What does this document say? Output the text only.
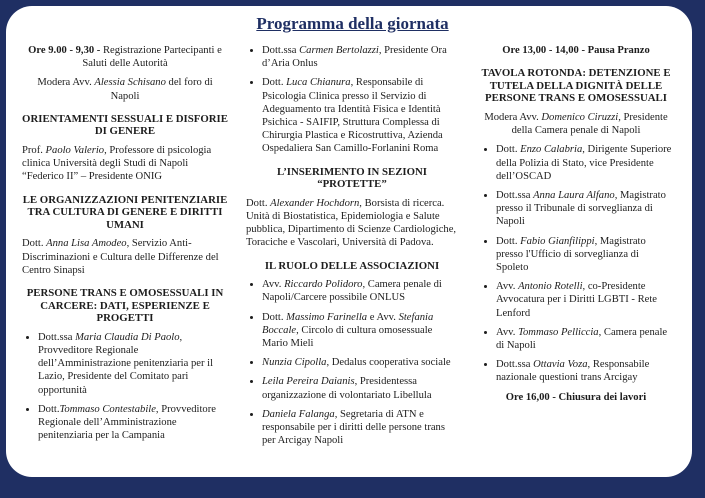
Programma della giornata

Ore 9.00 - 9,30 - Registrazione Partecipanti e Saluti delle Autorità

Modera Avv. Alessia Schisano del foro di Napoli

ORIENTAMENTI SESSUALI E DISFORIE DI GENERE

Prof. Paolo Valerio, Professore di psicologia clinica Università degli Studi di Napoli “Federico II” – Presidente ONIG

LE ORGANIZZAZIONI PENITENZIARIE TRA CULTURA DI GENERE E DIRITTI UMANI

Dott. Anna Lisa Amodeo, Servizio Anti-Discriminazioni e Cultura delle Differenze del Centro Sinapsi

PERSONE TRANS E OMOSESSUALI IN CARCERE: DATI, ESPERIENZE E PROGETTI
• Dott.ssa Maria Claudia Di Paolo, Provveditore Regionale dell’Amministrazione penitenziaria per il Lazio, Presidente del Comitato pari opportunità
• Dott.Tommaso Contestabile, Provveditore Regionale dell’Amministrazione penitenziaria per la Campania
• Dott.ssa Carmen Bertolazzi, Presidente Ora d’Aria Onlus
• Dott. Luca Chianura, Responsabile di Psicologia Clinica presso il Servizio di Adeguamento tra Identità Fisica e Identità Psichica - SAIFIP, Struttura Complessa di Chirurgia Plastica e Ricostruttiva, Azienda Ospedaliera San Camillo-Forlanini Roma
L’INSERIMENTO IN SEZIONI “PROTETTE”

Dott. Alexander Hochdorn, Borsista di ricerca. Unità di Biostatistica, Epidemiologia e Salute pubblica, Dipartimento di Scienze Cardiologiche, Toraciche e Vascolari, Università di Padova.

IL RUOLO DELLE ASSOCIAZIONI
• Avv. Riccardo Polidoro, Camera penale di Napoli/Carcere possibile ONLUS
• Dott. Massimo Farinella e Avv. Stefania Boccale, Circolo di cultura omosessuale Mario Mieli
• Nunzia Cipolla, Dedalus cooperativa sociale
• Leila Pereira Daianis, Presidentessa organizzazione di volontariato Libellula
• Daniela Falanga, Segretaria di ATN e responsabile per i diritti delle persone trans per Arcigay Napoli

Ore 13,00 - 14,00 - Pausa Pranzo

TAVOLA ROTONDA: DETENZIONE E TUTELA DELLA DIGNITÀ DELLE PERSONE TRANS E OMOSESSUALI

Modera Avv. Domenico Ciruzzi, Presidente della Camera penale di Napoli

• Dott. Enzo Calabria, Dirigente Superiore della Polizia di Stato, vice Presidente dell’OSCAD
• Dott.ssa Anna Laura Alfano, Magistrato presso il Tribunale di sorveglianza di Napoli
• Dott. Fabio Gianfilippi, Magistrato presso l'Ufficio di sorveglianza di Spoleto
• Avv. Antonio Rotelli, co-Presidente Avvocatura per i Diritti LGBTI - Rete Lenford
• Avv. Tommaso Pelliccia, Camera penale di Napoli
• Dott.ssa Ottavia Voza, Responsabile nazionale questioni trans Arcigay

Ore 16,00 - Chiusura dei lavori
